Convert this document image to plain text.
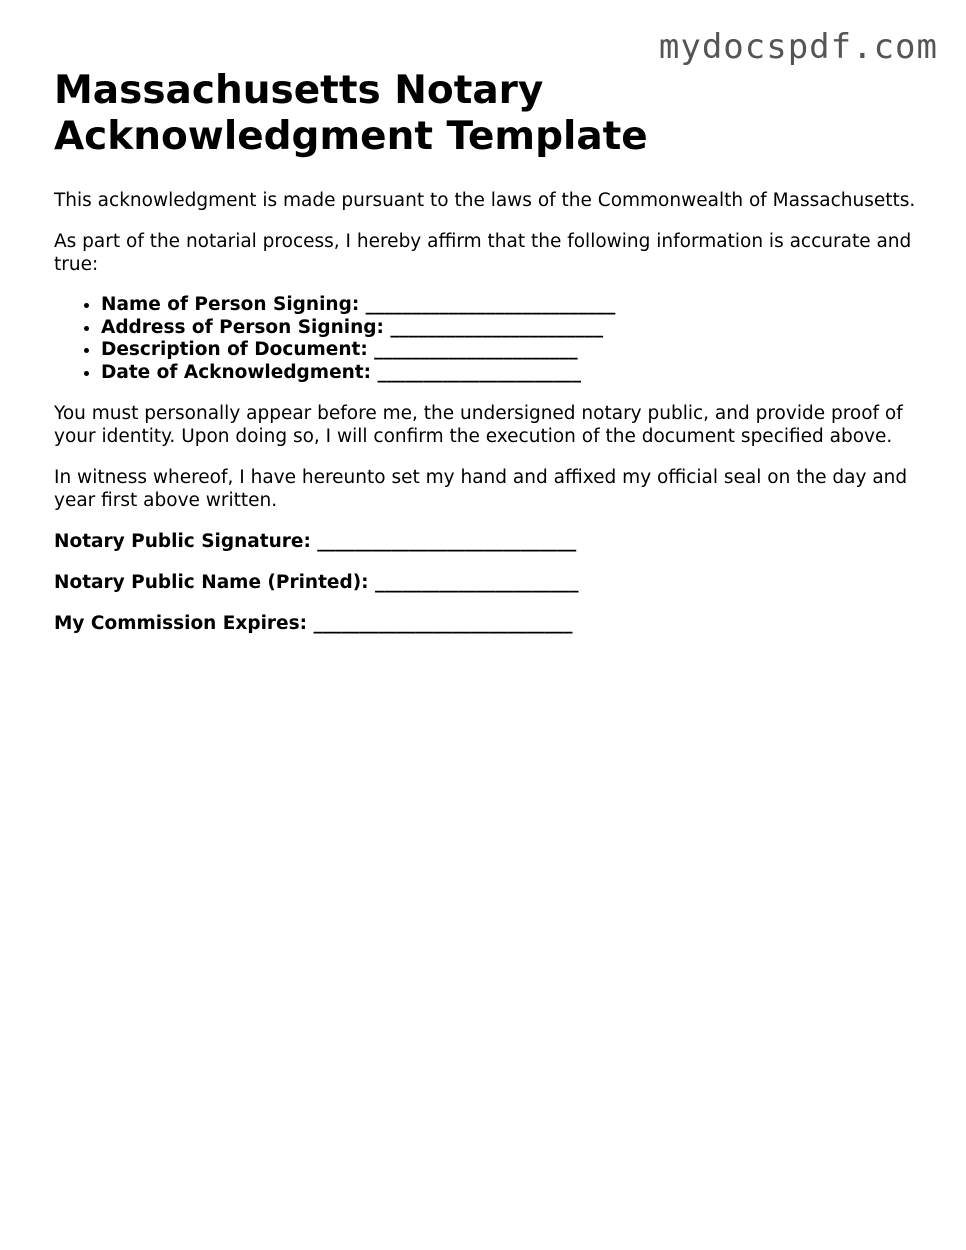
mydocspdf.com
Massachusetts Notary Acknowledgment Template

This acknowledgment is made pursuant to the laws of the Commonwealth of Massachusetts.

As part of the notarial process, I hereby affirm that the following information is accurate and true:

• Name of Person Signing: ___________________________
• Address of Person Signing: _______________________
• Description of Document: ______________________
• Date of Acknowledgment: ______________________

You must personally appear before me, the undersigned notary public, and provide proof of your identity. Upon doing so, I will confirm the execution of the document specified above.

In witness whereof, I have hereunto set my hand and affixed my official seal on the day and year first above written.

Notary Public Signature: ____________________________

Notary Public Name (Printed): ______________________

My Commission Expires: ____________________________
